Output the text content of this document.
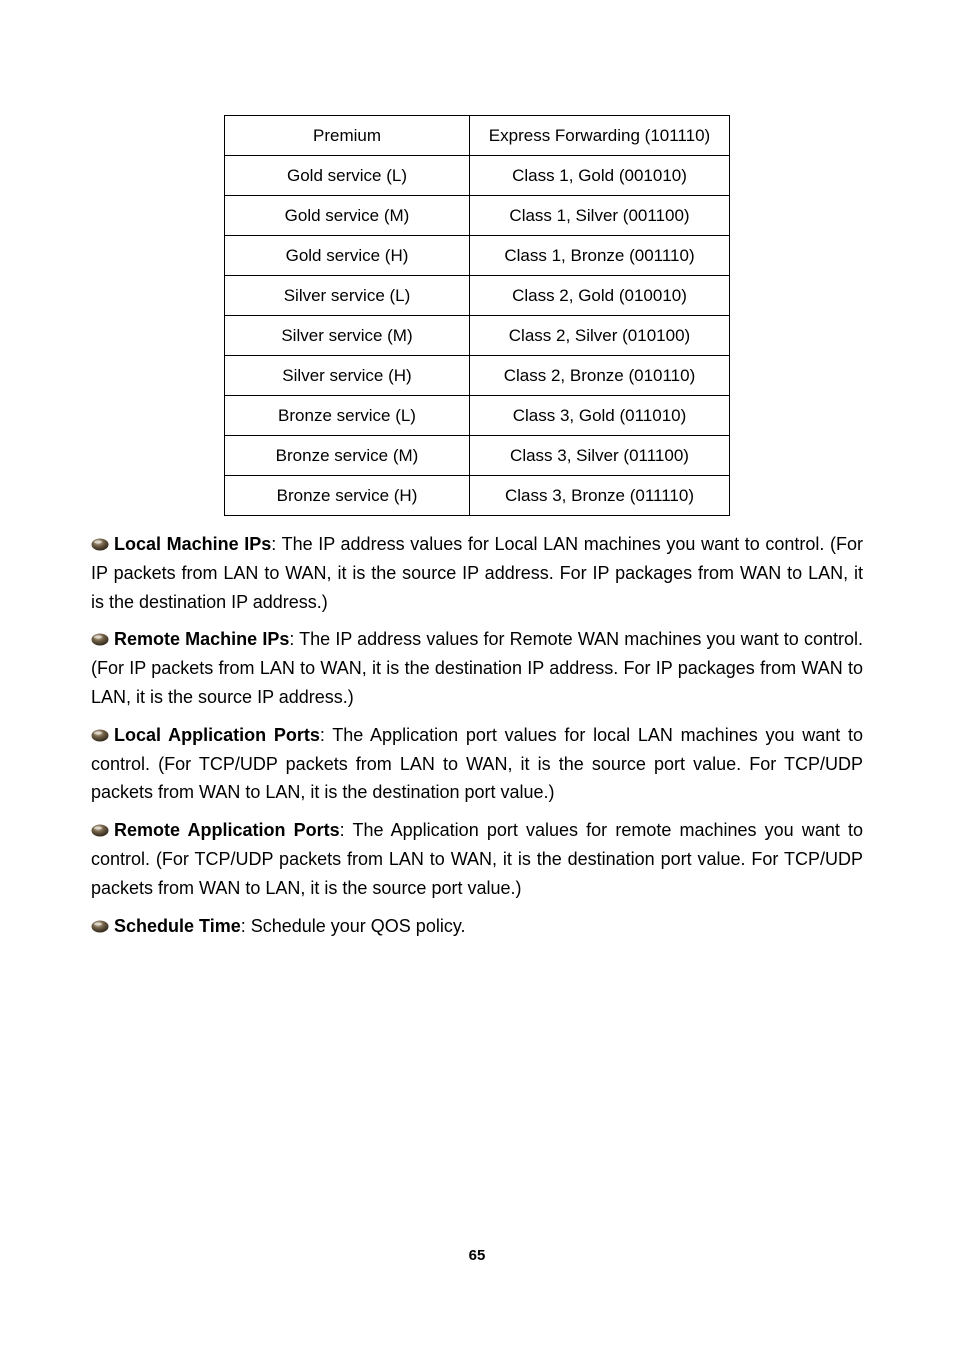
Premium	Express Forwarding (101110)
Gold service (L)	Class 1, Gold (001010)
Gold service (M)	Class 1, Silver (001100)
Gold service (H)	Class 1, Bronze (001110)
Silver service (L)	Class 2, Gold (010010)
Silver service (M)	Class 2, Silver (010100)
Silver service (H)	Class 2, Bronze (010110)
Bronze service (L)	Class 3, Gold (011010)
Bronze service (M)	Class 3, Silver (011100)
Bronze service (H)	Class 3, Bronze (011110)

Local Machine IPs: The IP address values for Local LAN machines you want to control. (For IP packets from LAN to WAN, it is the source IP address. For IP packages from WAN to LAN, it is the destination IP address.)

Remote Machine IPs: The IP address values for Remote WAN machines you want to control. (For IP packets from LAN to WAN, it is the destination IP address. For IP packages from WAN to LAN, it is the source IP address.)

Local Application Ports: The Application port values for local LAN machines you want to control. (For TCP/UDP packets from LAN to WAN, it is the source port value. For TCP/UDP packets from WAN to LAN, it is the destination port value.)

Remote Application Ports: The Application port values for remote machines you want to control. (For TCP/UDP packets from LAN to WAN, it is the destination port value. For TCP/UDP packets from WAN to LAN, it is the source port value.)

Schedule Time: Schedule your QOS policy.

65
